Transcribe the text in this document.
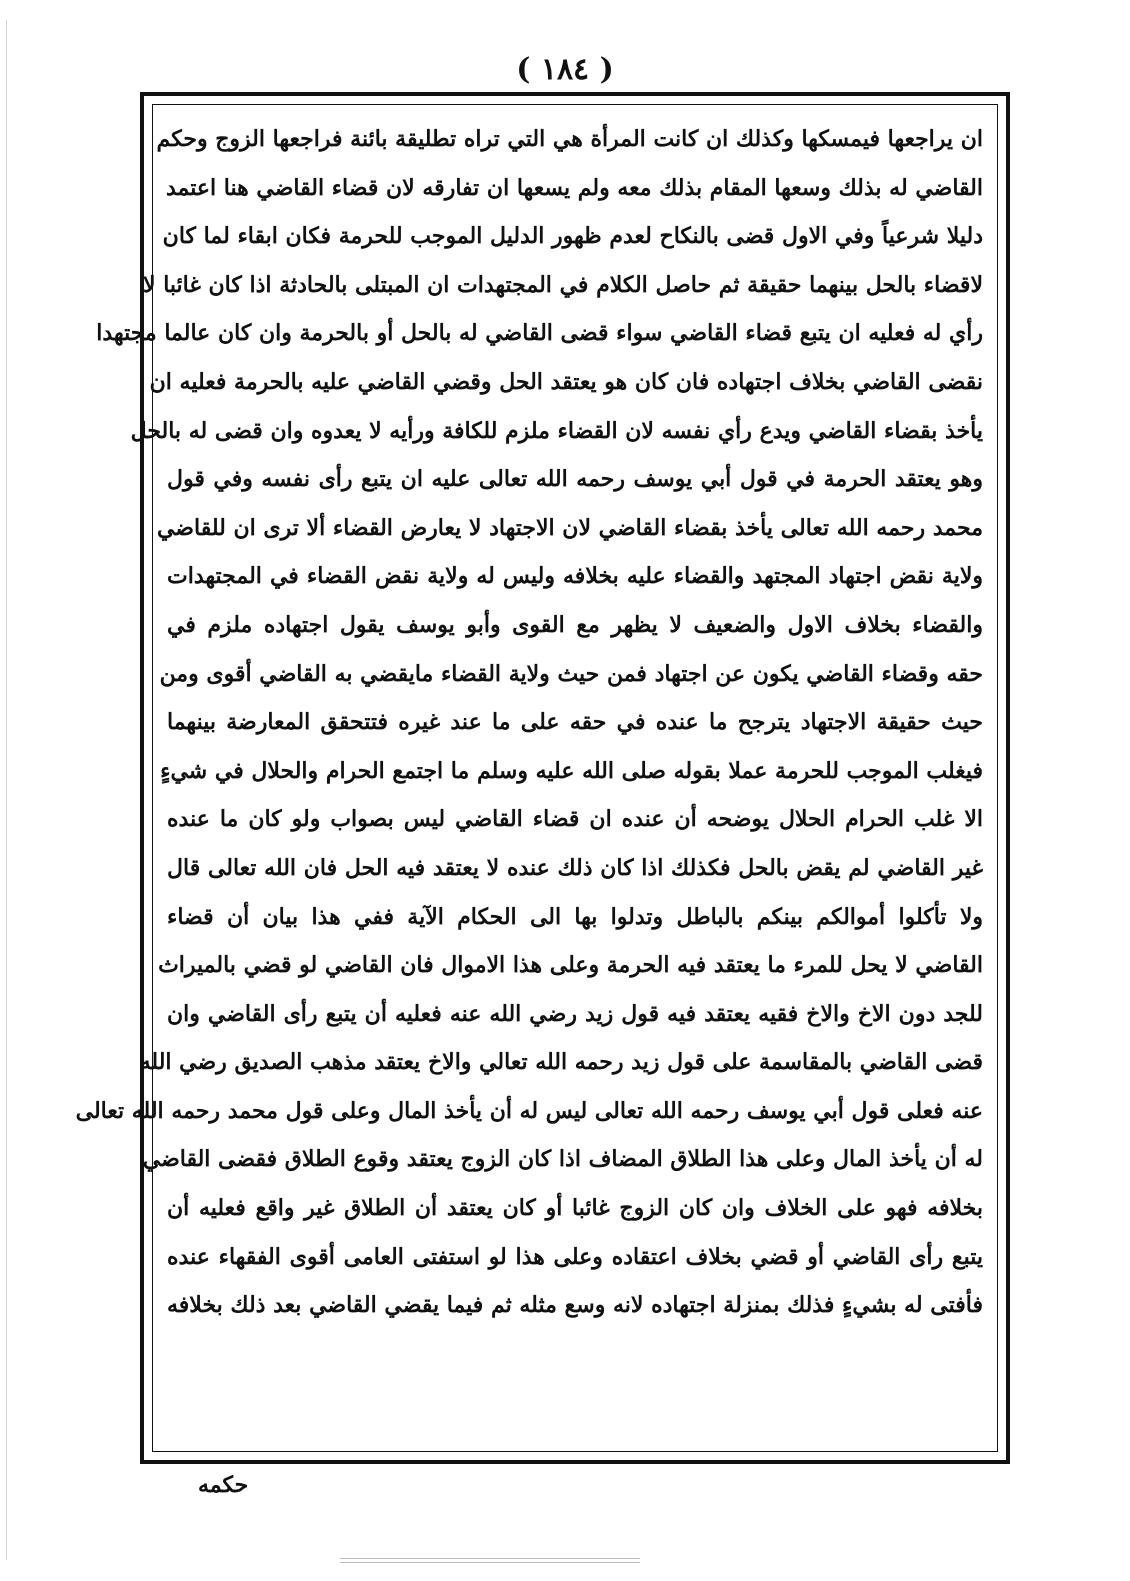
( ١٨٤ )
ان يراجعها فيمسكها وكذلك ان كانت المرأة هي التي تراه تطليقة بائنة فراجعها الزوج وحكم
القاضي له بذلك وسعها المقام بذلك معه ولم يسعها ان تفارقه لان قضاء القاضي هنا اعتمد
دليلا شرعياً وفي الاول قضى بالنكاح لعدم ظهور الدليل الموجب للحرمة فكان ابقاء لما كان
لاقضاء بالحل بينهما حقيقة ثم حاصل الكلام في المجتهدات ان المبتلى بالحادثة اذا كان غائبا لا
رأي له فعليه ان يتبع قضاء القاضي سواء قضى القاضي له بالحل أو بالحرمة وان كان عالما مجتهدا
نقضى القاضي بخلاف اجتهاده فان كان هو يعتقد الحل وقضي القاضي عليه بالحرمة فعليه ان
يأخذ بقضاء القاضي ويدع رأي نفسه لان القضاء ملزم للكافة ورأيه لا يعدوه وان قضى له بالحل
وهو يعتقد الحرمة في قول أبي يوسف رحمه الله تعالى عليه ان يتبع رأى نفسه وفي قول
محمد رحمه الله تعالى يأخذ بقضاء القاضي لان الاجتهاد لا يعارض القضاء ألا ترى ان للقاضي
ولاية نقض اجتهاد المجتهد والقضاء عليه بخلافه وليس له ولاية نقض القضاء في المجتهدات
والقضاء بخلاف الاول والضعيف لا يظهر مع القوى وأبو يوسف يقول اجتهاده ملزم في
حقه وقضاء القاضي يكون عن اجتهاد فمن حيث ولاية القضاء مايقضي به القاضي أقوى ومن
حيث حقيقة الاجتهاد يترجح ما عنده في حقه على ما عند غيره فتتحقق المعارضة بينهما
فيغلب الموجب للحرمة عملا بقوله صلى الله عليه وسلم ما اجتمع الحرام والحلال في شيءٍ
الا غلب الحرام الحلال يوضحه أن عنده ان قضاء القاضي ليس بصواب ولو كان ما عنده
غير القاضي لم يقض بالحل فكذلك اذا كان ذلك عنده لا يعتقد فيه الحل فان الله تعالى قال
ولا تأكلوا أموالكم بينكم بالباطل وتدلوا بها الى الحكام الآية ففي هذا بيان أن قضاء
القاضي لا يحل للمرء ما يعتقد فيه الحرمة وعلى هذا الاموال فان القاضي لو قضي بالميراث
للجد دون الاخ والاخ فقيه يعتقد فيه قول زيد رضي الله عنه فعليه أن يتبع رأى القاضي وان
قضى القاضي بالمقاسمة على قول زيد رحمه الله تعالي والاخ يعتقد مذهب الصديق رضي الله
عنه فعلى قول أبي يوسف رحمه الله تعالى ليس له أن يأخذ المال وعلى قول محمد رحمه الله تعالى
له أن يأخذ المال وعلى هذا الطلاق المضاف اذا كان الزوج يعتقد وقوع الطلاق فقضى القاضي
بخلافه فهو على الخلاف وان كان الزوج غائبا أو كان يعتقد أن الطلاق غير واقع فعليه أن
يتبع رأى القاضي أو قضي بخلاف اعتقاده وعلى هذا لو استفتى العامى أقوى الفقهاء عنده
فأفتى له بشيءٍ فذلك بمنزلة اجتهاده لانه وسع مثله ثم فيما يقضي القاضي بعد ذلك بخلافه
حكمه
